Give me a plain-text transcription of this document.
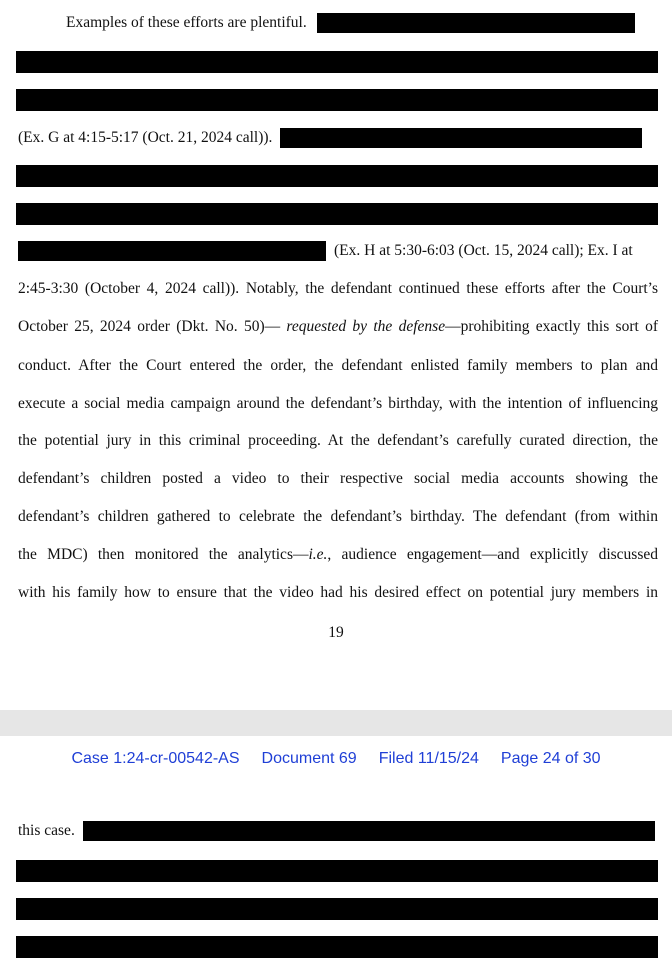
Examples of these efforts are plentiful.
(Ex. G at 4:15-5:17 (Oct. 21, 2024 call)).
(Ex. H at 5:30-6:03 (Oct. 15, 2024 call); Ex. I at
2:45-3:30 (October 4, 2024 call)). Notably, the defendant continued these efforts after the Court’s
October 25, 2024 order (Dkt. No. 50)— requested by the defense—prohibiting exactly this sort of
conduct. After the Court entered the order, the defendant enlisted family members to plan and
execute a social media campaign around the defendant’s birthday, with the intention of influencing
the potential jury in this criminal proceeding. At the defendant’s carefully curated direction, the
defendant’s children posted a video to their respective social media accounts showing the
defendant’s children gathered to celebrate the defendant’s birthday. The defendant (from within
the MDC) then monitored the analytics—i.e., audience engagement—and explicitly discussed
with his family how to ensure that the video had his desired effect on potential jury members in
19
Case 1:24-cr-00542-AS Document 69 Filed 11/15/24 Page 24 of 30
this case.
